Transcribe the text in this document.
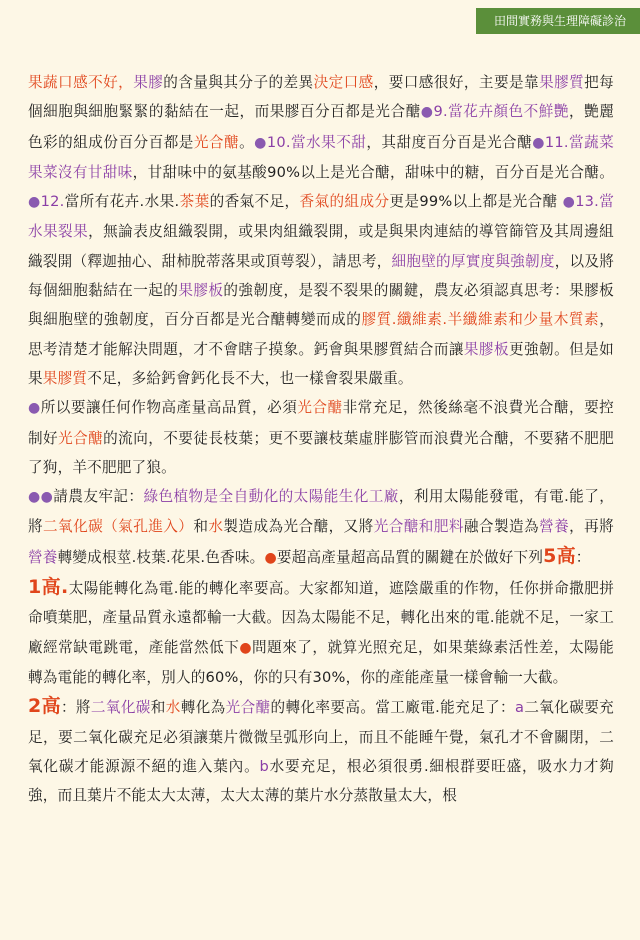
田間實務與生理障礙診治

果蔬口感不好，果膠的含量與其分子的差異決定口感，要口感很好，主要是靠果膠質把每個細胞與細胞緊緊的黏結在一起，而果膠百分百都是光合醣●9.當花卉顏色不鮮艷，艷麗色彩的組成份百分百都是光合醣。●10.當水果不甜，其甜度百分百是光合醣●11.當蔬菜果菜沒有甘甜味，甘甜味中的氨基酸90%以上是光合醣，甜味中的糖，百分百是光合醣。●12.當所有花卉.水果.茶葉的香氣不足，香氣的組成分更是99%以上都是光合醣 ●13.當水果裂果，無論表皮組織裂開，或果肉組織裂開，或是與果肉連結的導管篩管及其周邊組織裂開（釋迦抽心、甜柿脫蒂落果或頂萼裂），請思考，細胞壁的厚實度與強韌度，以及將每個細胞黏結在一起的果膠板的強韌度，是裂不裂果的關鍵，農友必須認真思考：果膠板與細胞壁的強韌度，百分百都是光合醣轉變而成的膠質.纖維素.半纖維素和少量木質素，思考清楚才能解決問題，才不會瞎子摸象。鈣會與果膠質結合而讓果膠板更強韌。但是如果果膠質不足，多給鈣會鈣化長不大，也一樣會裂果嚴重。

●所以要讓任何作物高產量高品質，必須光合醣非常充足，然後絲毫不浪費光合醣，要控制好光合醣的流向，不要徒長枝葉；更不要讓枝葉虛胖膨管而浪費光合醣，不要豬不肥肥了狗，羊不肥肥了狼。

●●請農友牢記：綠色植物是全自動化的太陽能生化工廠，利用太陽能發電，有電.能了，將二氧化碳（氣孔進入）和水製造成為光合醣，又將光合醣和肥料融合製造為營養，再將營養轉變成根莖.枝葉.花果.色香味。●要超高產量超高品質的關鍵在於做好下列5高：

1高.太陽能轉化為電.能的轉化率要高。大家都知道，遮陰嚴重的作物，任你拼命撒肥拼命噴葉肥，產量品質永遠都輸一大截。因為太陽能不足，轉化出來的電.能就不足，一家工廠經常缺電跳電，產能當然低下●問題來了，就算光照充足，如果葉綠素活性差，太陽能轉為電能的轉化率，別人的60%，你的只有30%，你的產能產量一樣會輸一大截。

2高：將二氧化碳和水轉化為光合醣的轉化率要高。當工廠電.能充足了：a二氧化碳要充足，要二氧化碳充足必須讓葉片微微呈弧形向上，而且不能睡午覺，氣孔才不會關閉，二氧化碳才能源源不絕的進入葉內。b水要充足，根必須很勇.細根群要旺盛，吸水力才夠強，而且葉片不能太大太薄，太大太薄的葉片水分蒸散量太大，根
